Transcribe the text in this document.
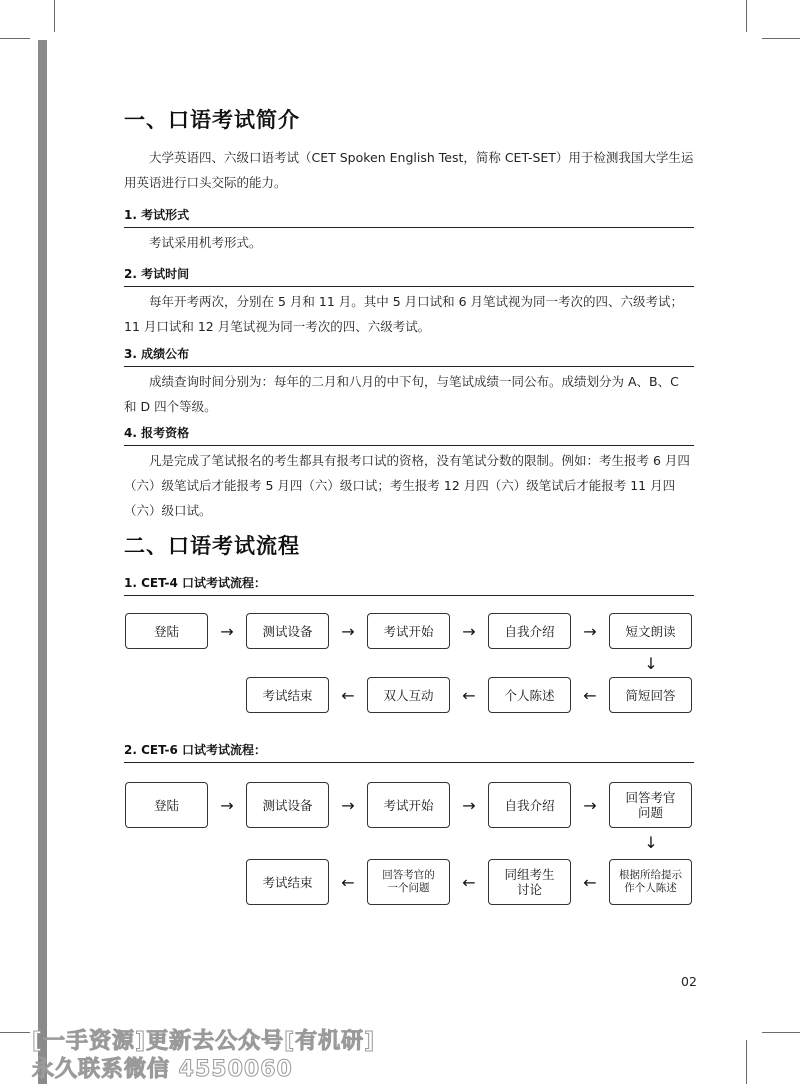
一、口语考试简介

大学英语四、六级口语考试（CET Spoken English Test，简称 CET-SET）用于检测我国大学生运用英语进行口头交际的能力。

1. 考试形式

考试采用机考形式。

2. 考试时间

每年开考两次，分别在 5 月和 11 月。其中 5 月口试和 6 月笔试视为同一考次的四、六级考试；11 月口试和 12 月笔试视为同一考次的四、六级考试。

3. 成绩公布

成绩查询时间分别为：每年的二月和八月的中下旬，与笔试成绩一同公布。成绩划分为 A、B、C 和 D 四个等级。

4. 报考资格

凡是完成了笔试报名的考生都具有报考口试的资格，没有笔试分数的限制。例如：考生报考 6 月四（六）级笔试后才能报考 5 月四（六）级口试；考生报考 12 月四（六）级笔试后才能报考 11 月四（六）级口试。

二、口语考试流程
1. CET-4 口试考试流程：
登陆	→	测试设备	→	考试开始	→	自我介绍	→	短文朗读
↓
简短回答
←
个人陈述
←
双人互动
←
考试结束
2. CET-6 口试考试流程：
登陆	→	测试设备	→	考试开始	→	自我介绍	→	回答考官
问题
↓
根据所给提示
作个人陈述
←
同组考生
讨论
←
回答考官的
一个问题
←
考试结束
02
[一手资源]更新去公众号[有机研]
永久联系微信 4550060
